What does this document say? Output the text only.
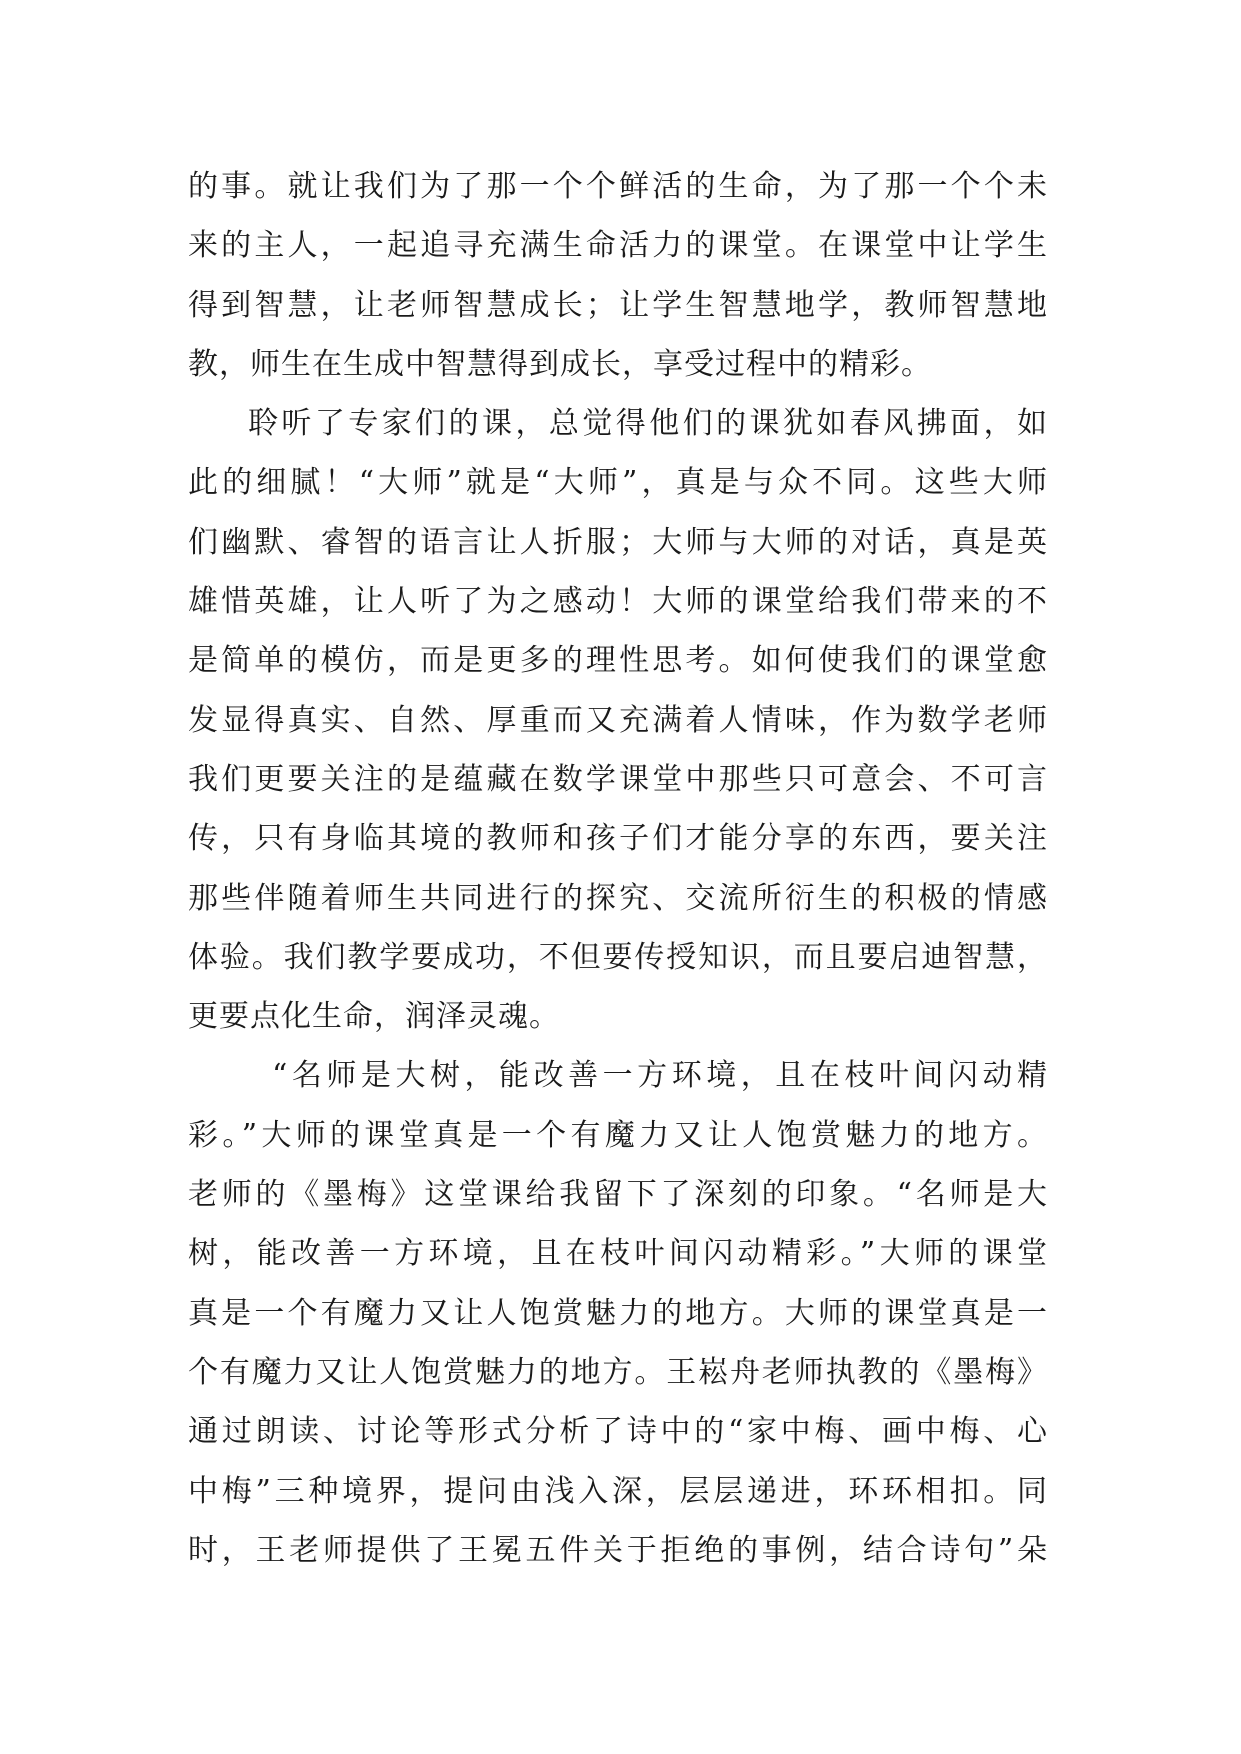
的事。就让我们为了那一个个鲜活的生命，为了那一个个未
来的主人，一起追寻充满生命活力的课堂。在课堂中让学生
得到智慧，让老师智慧成长；让学生智慧地学，教师智慧地
教，师生在生成中智慧得到成长，享受过程中的精彩。
聆听了专家们的课，总觉得他们的课犹如春风拂面，如
此的细腻！“大师”就是“大师”，真是与众不同。这些大师
们幽默、睿智的语言让人折服；大师与大师的对话，真是英
雄惜英雄，让人听了为之感动！大师的课堂给我们带来的不
是简单的模仿，而是更多的理性思考。如何使我们的课堂愈
发显得真实、自然、厚重而又充满着人情味，作为数学老师
我们更要关注的是蕴藏在数学课堂中那些只可意会、不可言
传，只有身临其境的教师和孩子们才能分享的东西，要关注
那些伴随着师生共同进行的探究、交流所衍生的积极的情感
体验。我们教学要成功，不但要传授知识，而且要启迪智慧，
更要点化生命，润泽灵魂。
“名师是大树，能改善一方环境，且在枝叶间闪动精
彩。”大师的课堂真是一个有魔力又让人饱赏魅力的地方。
老师的《墨梅》这堂课给我留下了深刻的印象。“名师是大
树，能改善一方环境，且在枝叶间闪动精彩。”大师的课堂
真是一个有魔力又让人饱赏魅力的地方。大师的课堂真是一
个有魔力又让人饱赏魅力的地方。王崧舟老师执教的《墨梅》
通过朗读、讨论等形式分析了诗中的“家中梅、画中梅、心
中梅”三种境界，提问由浅入深，层层递进，环环相扣。同
时，王老师提供了王冕五件关于拒绝的事例，结合诗句”朵
